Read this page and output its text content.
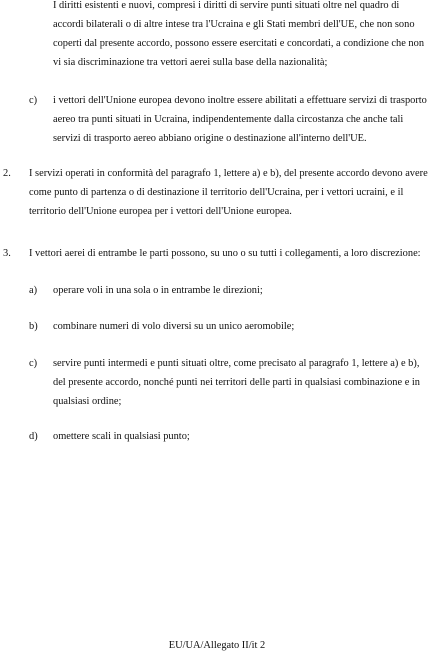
I diritti esistenti e nuovi, compresi i diritti di servire punti situati oltre nel quadro di accordi bilaterali o di altre intese tra l'Ucraina e gli Stati membri dell'UE, che non sono coperti dal presente accordo, possono essere esercitati e concordati, a condizione che non vi sia discriminazione tra vettori aerei sulla base della nazionalità;

c) i vettori dell'Unione europea devono inoltre essere abilitati a effettuare servizi di trasporto aereo tra punti situati in Ucraina, indipendentemente dalla circostanza che anche tali servizi di trasporto aereo abbiano origine o destinazione all'interno dell'UE.

2. I servizi operati in conformità del paragrafo 1, lettere a) e b), del presente accordo devono avere come punto di partenza o di destinazione il territorio dell'Ucraina, per i vettori ucraini, e il territorio dell'Unione europea per i vettori dell'Unione europea.

3. I vettori aerei di entrambe le parti possono, su uno o su tutti i collegamenti, a loro discrezione:

a) operare voli in una sola o in entrambe le direzioni;

b) combinare numeri di volo diversi su un unico aeromobile;

c) servire punti intermedi e punti situati oltre, come precisato al paragrafo 1, lettere a) e b), del presente accordo, nonché punti nei territori delle parti in qualsiasi combinazione e in qualsiasi ordine;

d) omettere scali in qualsiasi punto;

EU/UA/Allegato II/it 2
